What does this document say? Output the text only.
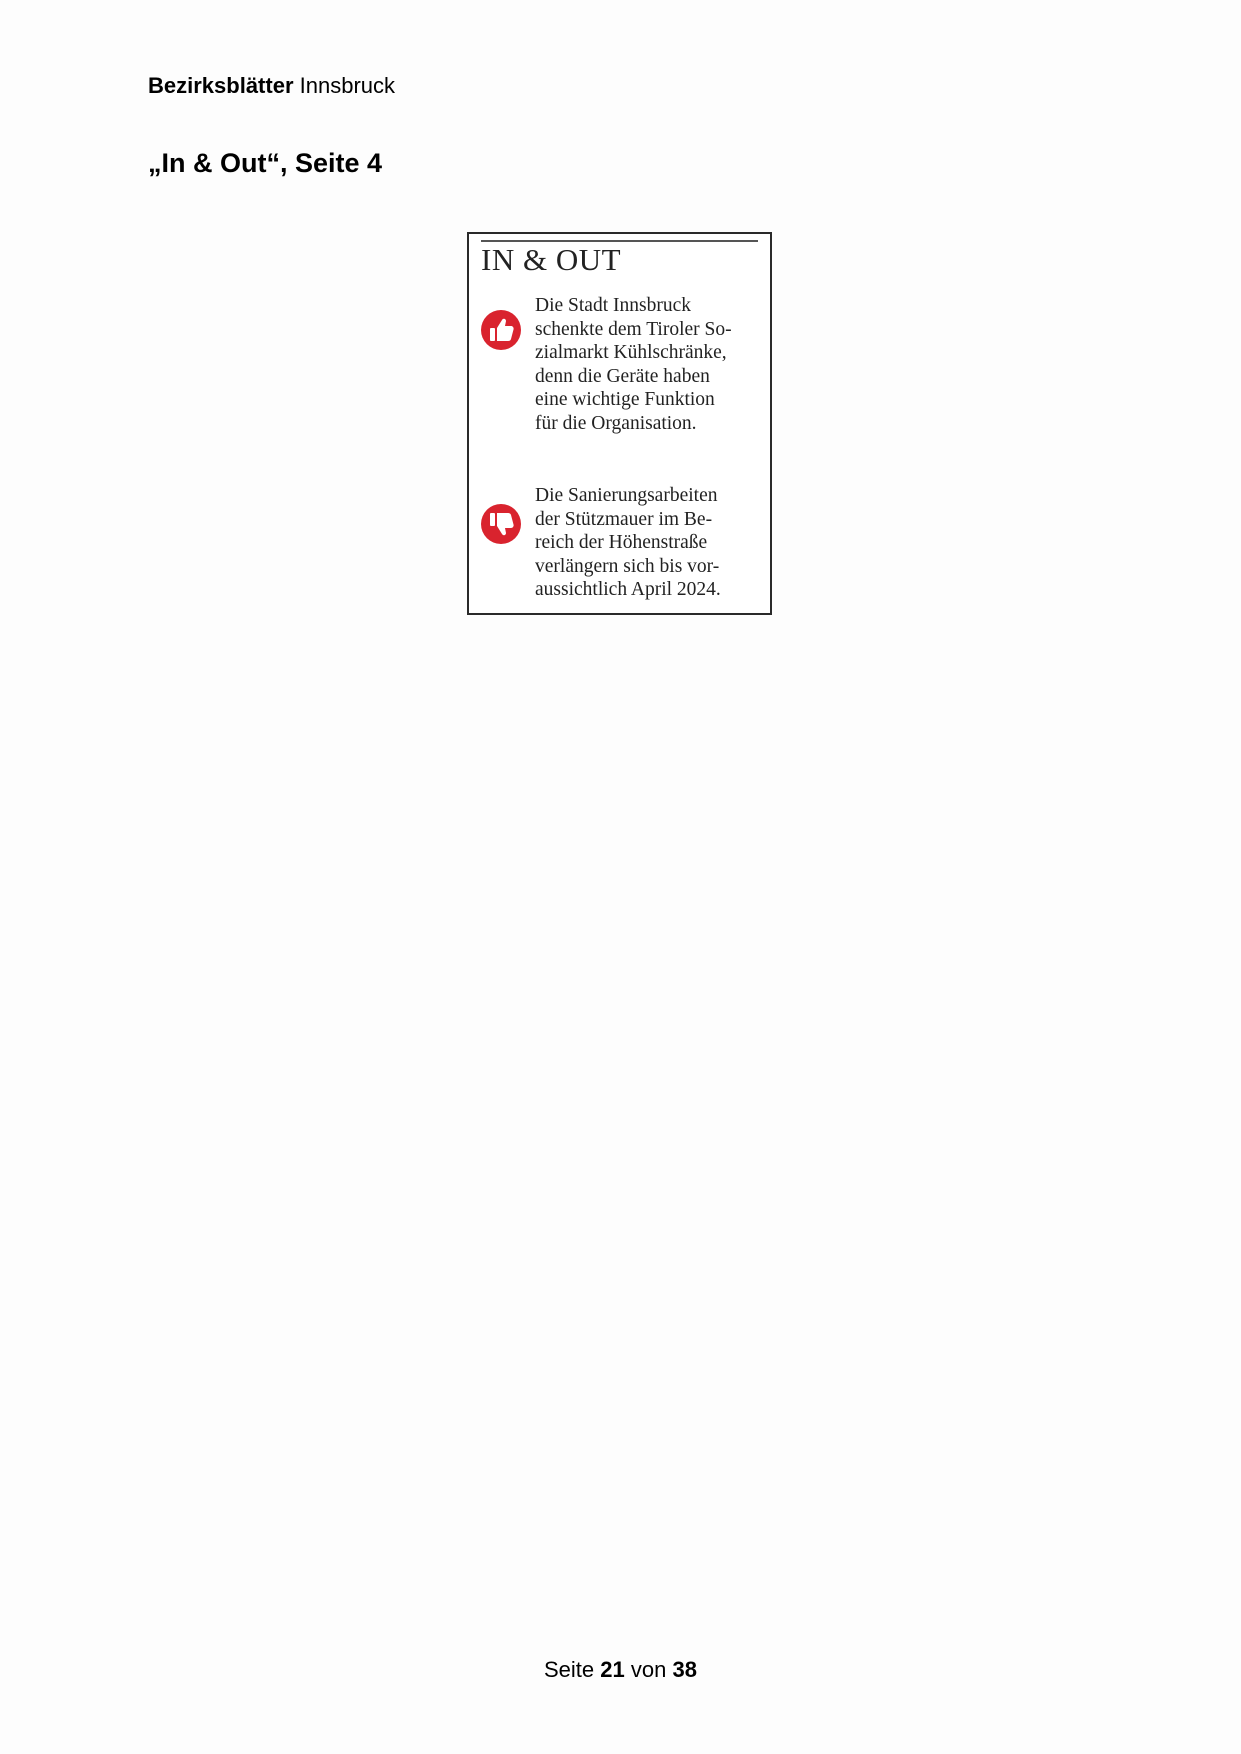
Bezirksblätter Innsbruck
„In & Out“, Seite 4
IN & OUT
Die Stadt Innsbruck
schenkte dem Tiroler So-
zialmarkt Kühlschränke,
denn die Geräte haben
eine wichtige Funktion
für die Organisation.
Die Sanierungsarbeiten
der Stützmauer im Be-
reich der Höhenstraße
verlängern sich bis vor-
aussichtlich April 2024.
Seite 21 von 38
